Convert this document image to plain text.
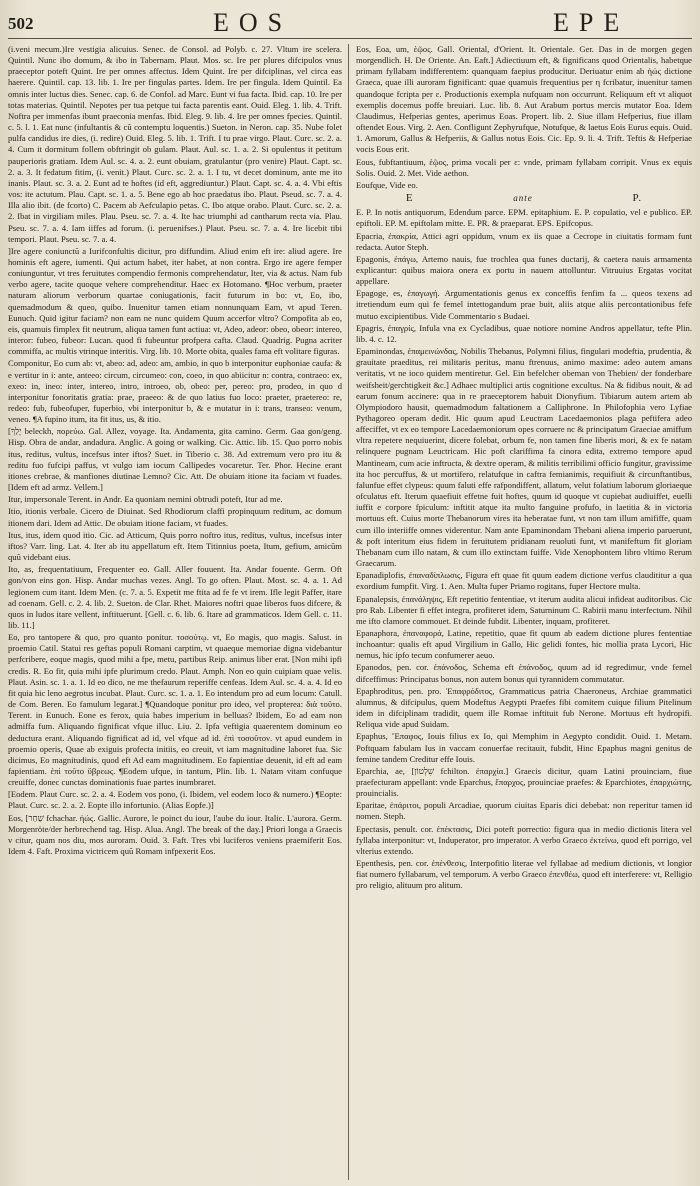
502	EOS	EPE

(i.veni mecum.)Ire vestigia alicuius. Senec. de Consol. ad Polyb. c. 27. Vltum ire scelera. Quintil. Nunc ibo domum, & ibo in Tabernam. Plaut. Mos. sc. Ire per plures difcipulos vnus praeceptor poteft Quint. Ire per omnes affectus. Idem Quint. Ire per difciplinas, vel circa eas haerere. Quintil. cap. 13. lib. 1. Ire per fingulas partes. Idem. Ire per fingula. Idem Quintil. Ea omnis inter luctus dies. Senec. cap. 6. de Confol. ad Marc. Eunt vi fua facta. Ibid. cap. 10. Ire per totas materias. Quintil. Nepotes per tua petque tui facta parentis eant. Ouid. Eleg. 1. lib. 4. Trift. Noftra per immenfas ibunt praeconia menfas. Ibid. Eleg. 9. lib. 4. Ire per omnes fpecies. Quintil. c. 5. l. 1. Eat nunc (infultantis & cũ contemptu loquentis.) Sueton. in Neron. cap. 35. Nube folet pulfa candidus ire dies, (i. redire) Ouid. Eleg. 5. lib. 1. Trift. I tu prae virgo. Plaut. Curc. sc. 2. a. 4. Cum it dormitum follem obftringit ob gulam. Plaut. Aul. sc. 1. a. 2. Si opulentus it petitum pauperioris gratiam. Idem Aul. sc. 4. a. 2. eunt obuiam, gratulantur (pro venire) Plaut. Capt. sc. 2. a. 3. It fedatum fitim, (i. venit.) Plaut. Curc. sc. 2. a. 1. I tu, vt decet dominum, ante me ito inanis. Plaut. sc. 3. a. 2. Eunt ad te hoftes (id eft, aggrediuntur.) Plaut. Capt. sc. 4. a. 4. Vbi eftis vos: ite actutum. Plau. Capt. sc. 1. a. 5. Bene ego ab hoc praedatus ibo. Plaut. Pseud. sc. 7. a. 4. Illa alio ibit. (de fcorto) C. Pacem ab Aefculapio petas. C. Ibo atque orabo. Plaut. Curc. sc. 2. a. 2. Ibat in virgiliam miles. Plau. Pseu. sc. 7. a. 4. Ite hac triumphi ad cantharum recta via. Plau. Pseu. sc. 7. a. 4. Iam iiffes ad forum. (i. peruenifses.) Plaut. Pseu. sc. 7. a. 4. Ire licebit tibi tempori. Plaut. Pseu. sc. 7. a. 4.

]Ire agere coniunctũ a Iurifconfultis dicitur, pro diffundim. Aliud enim eft ire: aliud agere. Ire hominis eft agere, iumenti. Qui actum habet, iter habet, at non contra. Ergo ire agere femper coniunguntur, vt tres feruitutes compendio fermonis comprehendatur, Iter, via & actus. Nam fub verbo agere, tacite quoque vehere comprehenditur. Haec ex Hotomano. ¶Hoc verbum, praeter naturam aliorum verborum quartae coniugationis, facit futurum in bo: vt, Eo, ibo, quemadmodum & queo, quibo. Inuenitur tamen etiam nonnunquam Eam, vt apud Teren. Eunuch. Quid igitur faciam? non eam ne nunc quidem Quum accerfor vltro? Compofita ab eo, eis, quamuis fimplex fit neutrum, aliqua tamen funt actiua: vt, Adeo, adeor: obeo, obeor: intereo, interor: fubeo, fubeor: Lucan. quod fi fubeuntur profpera cafta. Claud. Quadrig. Pugna acriter commiffa, ac multis vtrinque interitis. Virg. lib. 10. Morte obita, quales fama eft volitare figuras.

Componitur, Eo cum ab: vt, abeo: ad, adeo: am, ambio, in quo b interponitur euphoniae caufa: & e vertitur in i: ante, anteeo: circum, circumeo: con, coeo, in quo abiicitur n: contra, contraeo: ex, exeo: in, ineo: inter, intereo, intro, introeo, ob, obeo: per, pereo: pro, prodeo, in quo d interponitur fonoritatis gratia: prae, praeeo: & de quo latius fuo loco: praeter, praetereo: re, redeo: fub, fubeofuper, fuperbio, vbi interponitur b, & e mutatur in i: trans, transeo: venum, veneo. ¶A fupino itum, ita fit itus, us, & itio.

[יָלַךְ beleckh, πορεύω. Gal. Allez, voyage. Ita. Andamenta, gita camino. Germ. Gaa gon/geng. Hisp. Obra de andar, andadura. Anglic. A going or walking. Cic. Attic. lib. 15. Quo porro nobis itus, reditus, vultus, incefsus inter iftos? Suet. in Tiberio c. 38. Ad extremum vero pro itu & reditu fuo fufcipi paffus, vt vulgo iam iocum Callipedes vocaretur. Ter. Phor. Hecine erant itiones crebrae, & manfiones diutinae Lemno? Cic. Att. De obuiam itione ita faciam vt fuades. [Idem eft ad armz. Vellem.]

Itur, impersonale Terent. in Andr. Ea quoniam nemini obtrudi poteft, Itur ad me.

Itio, itionis verbale. Cicero de Diuinat. Sed Rhodiorum claffi propinquum reditum, ac domum itionem dari. Idem ad Attic. De obuiam itione faciam, vt fuades.

Itus, itus, idem quod itio. Cic. ad Atticum, Quis porro noftro itus, reditus, vultus, incefsus inter iftos? Varr. ling. Lat. 4. Iter ab itu appellatum eft. Item Titinnius poeta, Itum, gefium, amicũm quũ videbant eius.

Ito, as, frequentatiuum, Frequenter eo. Gall. Aller fouuent. Ita. Andar fouente. Germ. Oft gon/von eins gon. Hisp. Andar muchas vezes. Angl. To go often. Plaut. Most. sc. 4. a. 1. Ad legionem cum itant. Idem Men. (c. 7. a. 5. Expetit me ftita ad fe fe vt irem. Ifle legit Paffer, itare ad coenam. Gell. c. 2. 4. lib. 2. Sueton. de Clar. Rhet. Maiores noftri quae liberos fuos difcere, & quos in ludos itare vellent, inftituerunt. [Gell. c. 6. lib. 6. Itare ad grammaticos. Idem Gell. c. 11. lib. 11.]

Eo, pro tantopere & quo, pro quanto ponitur. τοσούτῳ. vt, Eo magis, quo magis. Salust. in proemio Catil. Statui res geftas populi Romani carptim, vt quaeque memoriae digna videbantur perfcribere, eoque magis, quod mihi a fpe, metu, partibus Reip. animus liber erat. [Non mihi ipfi credis. R. Eo fit, quia mihi ipfe plurimum credo. Plaut. Amph. Non eo quin cuipiam quae velis. Plaut. Asin. sc. 1. a. 1. Id eo dico, ne me thefaurum reperiffe cenfeas. Idem Aul. sc. 4. a. 4. Id eo fit quia hic leno aegrotus incubat. Plaut. Curc. sc. 1. a. 1. Eo intendum pro ad eum locum: Catull. de Com. Beren. Eo famulum legarat.] ¶Quandoque ponitur pro ideo, vel propterea: διὰ τοῦτο. Terent. in Eunuch. Eone es ferox, quia habes imperium in belluas? Ibidem, Eo ad eam non admiffa fum. Aliquando fignificat vfque illuc. Liu. 2. Ipfa veftigia quaerentem dominum eo deductura erant. Aliquando fignificat ad id, vel vfque ad id. ἐπὶ τοσοῦτον. vt apud eundem in proemio operis, Quae ab exiguis profecta initiis, eo creuit, vt iam magnitudine laboret fua. Sic dicimus, Eo magnitudinis, quod eft Ad eam magnitudinem. Eo fapientiae deuenit, id eft ad eam fapientiam. ἐπὶ τοῦτο ὕβρεως. ¶Eodem ufque, in tantum, Plin. lib. 1. Natam vitam confuque creuiffe, donec cunctas dominationis fuae partes inumbraret.

[Eodem. Plaut Curc. sc. 2. a. 4. Eodem vos pono, (i. Ibidem, vel eodem loco & numero.) ¶Eopte: Plaut. Curc. sc. 2. a. 2. Eopte illo infortunio. (Alias Eopfe.)]

Eos, [שַׁחַר fchachar. ἠώς. Gallic. Aurore, le poinct du iour, l'aube du iour. Italic. L'aurora. Germ. Morgenröte/der herbrechend tag. Hisp. Alua. Angl. The break of the day.] Priori longa a Graecis v citur, quam nos diu, mos auroram. Ouid. 3. Faft. Tres vbi luciferos veniens praemiferit Eos. Idem 4. Faft. Proxima victricem quũ Romam infpexerit Eos.

Eos, Eoa, um, ἑῷος. Gall. Oriental, d'Orient. It. Orientale. Ger. Das in de morgen gegen morgendlich. H. De Oriente. An. Eaft.] Adiectiuum eft, & fignificans quod Orientalis, habetque primam fyllabam indifferentem: quanquam faepius producitur. Deriuatur enim ab ἠώς dictione Graeca, quae illi auroram fignificant: quae quamuis frequentius per η fcribatur, inuenitur tamen quandoque fcripta per ε. Productionis exempla nufquam non occurrunt. Reliquum eft vt aliquot exemplis docemus poffe breuiari. Luc. lib. 8. Aut Arabum portus mercis mutator Eoa. Idem Claudimus, Hefperias gentes, aperimus Eoas. Propert. lib. 2. Siue illam Hefperius, fiue illam oftendet Eous. Virg. 2. Aen. Confligunt Zephyrufque, Notufque, & laetus Eois Eurus equis. Ouid. 1. Amorum, Gallus & Hefperiis, & Gallus notus Eois. Cic. Ep. 9. li. 4. Trift. Teftis & Hefperiae vocis Eous erit.

Eous, fubftantiuum, ἑῷος, prima vocali per ε: vnde, primam fyllabam corripit. Vnus ex equis Solis. Ouid. 2. Met. Vide aethon.

Eoufque, Vide eo.

E	ante	P.

E. P. In notis antiquorum, Edendum parce. EPM. epitaphium. E. P. copulatio, vel e publico. EP. epiftoli. EP. M. epiftolam mitte. E. PR. & praeparat. EPS. Epifcopus.

Epacria, ἐπακρία, Attici agri oppidum, vnum ex iis quae a Cecrope in ciuitatis formam funt redacta. Autor Steph.

Epagonis, ἐπάγω, Artemo nauis, fue trochlea qua funes ductarij, & caetera nauis armamenta explicantur: quibus maiora onera ex portu in nauem attolluntur. Vitruuius Ergatas vocitat appellare.

Epagoge, es, ἐπαγωγή. Argumentationis genus ex conceffis fenfim fa ... queos texens ad itretiendum eum qui fe femel intettogandum prae buit, aliis atque aliis percontationibus fefe mutuo excipientibus. Vide Commentario s Budaei.

Epagris, ἐπαγρίς, Infula vna ex Cycladibus, quae notiore nomine Andros appellatur, tefte Plin. lib. 4. c. 12.

Epaminondas, ἐπαμεινώνδας, Nobilis Thebanus, Polymni filius, fingulari modeftia, prudentia, & grauitate praeditus, rei militaris peritus, manu ftrenuus, animo maxime: adeo autem amans veritatis, vt ne ioco quidem mentiretur. Gel. Ein befelcher obeman von Thebien/ der fonderbare weifsheit/gerchtigkeit &c.] Adhaec multiplici artis cognitione excultus. Na & fidibus nouit, & ad earum fonum accinere: qua in re praeceptorem habuit Dionyfium. Tibiarum autem artem ab Olympiodoro hausit, quemadmodum faltationem a Calliphrone. In Philofophia vero Lyfiae Pythagoreo operam dedit. Hic quum apud Leuctram Lacedaemonios plaga peftifera adeo affeciffet, vt ex eo tempore Lacedaemoniorum opes corruere nc & principatum Graeciae amiffum vltra repetere nequiuerint, dicere folebat, orbum fe, non tamen fine liberis mori, & ex fe natam relinquere pugnam Leuctricam. Hic poft clariffima fa cinora edita, extremo tempore apud Mantineam, cum acie inftructa, & dextre operam, & militis terribilimi officio fungitur, gravissime ita hoc percuffus, & ut mortifero, relatufque in caftra femianimis, requifiuit & circunftantibus, falunfue effet clypeus: quum faluti effe rafpondiffent, allatum, velut folatium laborum gloriaeque ofculatus eft. Iterum quaefiuit effetne fuit hoftes, quum id quoque vt cupiebat audiuiffet, euelli iuffit e corpore fpiculum: inftitit atque ita multo fanguine profufo, in laetitia & in victoria mortuus eft. Cuius morte Thebanorum vires ita heberatae funt, vt non tam illum amififfe, quam cum illo interiiffe omnes viderentur. Nam ante Epaminondam Thebani aliena imperio paruerunt, & poft interitum eius fidem in feruitutem pridianam reuoluti funt, vt manifeftum fit gloriam Thebanam cum illo natam, & cum illo extinctam fuiffe. Vide Xenophontem libro vltimo Rerum Graecarum.

Epanadiplofis, ἐπαναδίπλωσις, Figura eft quae fit quum eadem dictione verfus claudititur a qua exordium fumpfit. Virg. 1. Aen. Multa fuper Priamo rogitans, fuper Hectore multa.

Epanalepsis, ἐπανάληψις, Eft repetitio fententiae, vt iterum audita alicui infideat auditoribus. Cic pro Rab. Libenter fi effet integra, profiteret idem, Saturninum C. Rabirii manu interfectum. Nihil me ifto clamore commouet. Et deinde fubdit. Libenter, inquam, profiteret.

Epanaphora, ἐπαναφορά, Latine, repetitio, quae fit quum ab eadem dictione plures fententiae inchoantur: qualis eft apud Virgilium in Gallo, Hic gelidi fontes, hic mollia prata Lycori, Hic nemus, hic ipfo tecum confumerer aeuo.

Epanodos, pen. cor. ἐπάνοδος, Schema eft ἐπάνοδος, quum ad id regredimur, vnde femel difceffimus: Principatus bonus, non autem bonus qui tyrannidem commutatur.

Epaphroditus, pen. pro. Ἐπαφρόδιτος, Grammaticus patria Chaeroneus, Archiae grammatici alumnus, & difcipulus, quem Modeftus Aegypti Praefes fibi comitem cuique filium Pitelinum idem in difciplinam tradidit, quem ille Romae inftituit fub Nerone. Mortuus eft hydropifi. Reliqua vide apud Suidam.

Epaphus, Ἔπαφος, Iouis filius ex Io, qui Memphim in Aegypto condidit. Ouid. 1. Metam. Poftquam fabulam Ius in vaccam conuerfae recitauit, fubdit, Hinc Epaphus magni genitus de femine tandem Creditur effe Iouis.

Eparchia, ae, [שִׁלְטוֹן fchilton. ἐπαρχία.] Graecis dicitur, quam Latini prouinciam, fiue praefecturam appellant: vnde Eparchus, ἔπαρχος, prouinciae praefes: & Eparchiotes, ἐπαρχιώτης, prouincialis.

Eparitae, ἐπάριτοι, populi Arcadiae, quorum ciuitas Eparis dici debebat: non reperitur tamen id nomen. Steph.

Epectasis, penult. cor. ἐπέκτασις, Dici poteft porrectio: figura qua in medio dictionis litera vel fyllaba interponitur: vt, Induperator, pro imperator. A verbo Graeco ἐκτείνω, quod eft porrigo, vel vlterius extendo.

Epenthesis, pen. cor. ἐπένθεσις, Interpofitio literae vel fyllabae ad medium dictionis, vt longior fiat numero fyllabarum, vel temporum. A verbo Graeco ἐπενθέω, quod eft interferere: vt, Relligio pro religio, alituum pro alitum.
